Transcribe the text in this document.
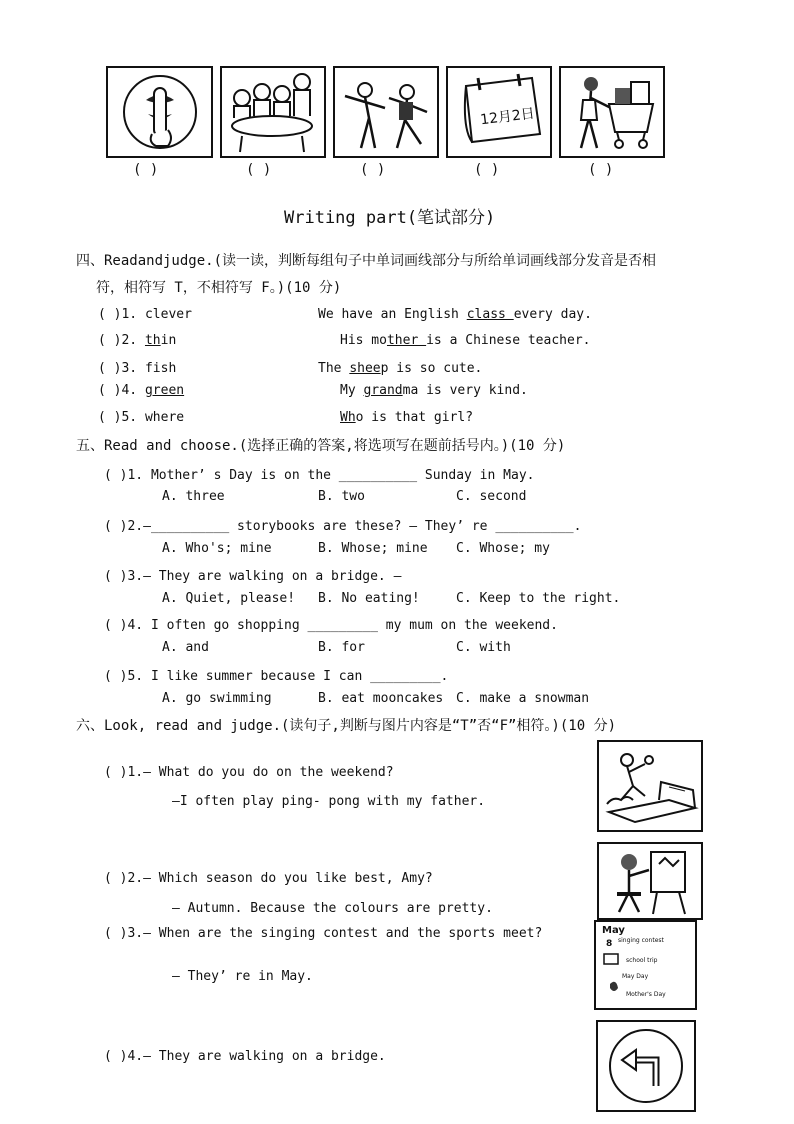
12月2日
( )	( )	( )	( )	( )
Writing part(笔试部分)
四、Readandjudge.(读一读，判断每组句子中单词画线部分与所给单词画线部分发音是否相
符，相符写 T，不相符写 F。)(10 分)
( )1. clever	We have an English class every day.
( )2. thin	His mother is a Chinese teacher.
( )3. fish	The sheep is so cute.
( )4. green	My grandma is very kind.
( )5. where	Who is that girl?
五、Read and choose.(选择正确的答案,将选项写在题前括号内。)(10 分)
( )1. Mother’ s Day is on the __________ Sunday in May.
A. three	B. two	C. second
( )2.—__________ storybooks are these? — They’ re __________.
A. Who's; mine	B. Whose; mine C. Whose; my
( )3.— They are walking on a bridge. —
A. Quiet, please! B. No eating!	C. Keep to the right.
( )4. I often go shopping _________ my mum on the weekend.
A. and	B. for	C. with
( )5. I like summer because I can _________.
A. go swimming	B. eat mooncakes C. make a snowman
六、Look, read and judge.(读句子,判断与图片内容是“T”否“F”相符。)(10 分)
( )1.— What do you do on the weekend?
—I often play ping- pong with my father.
( )2.— Which season do you like best, Amy?
— Autumn. Because the colours are pretty.
( )3.— When are the singing contest and the sports meet?
— They’ re in May.
( )4.— They are walking on a bridge.
May
8 singing contest
school trip
May Day
Mother's Day
